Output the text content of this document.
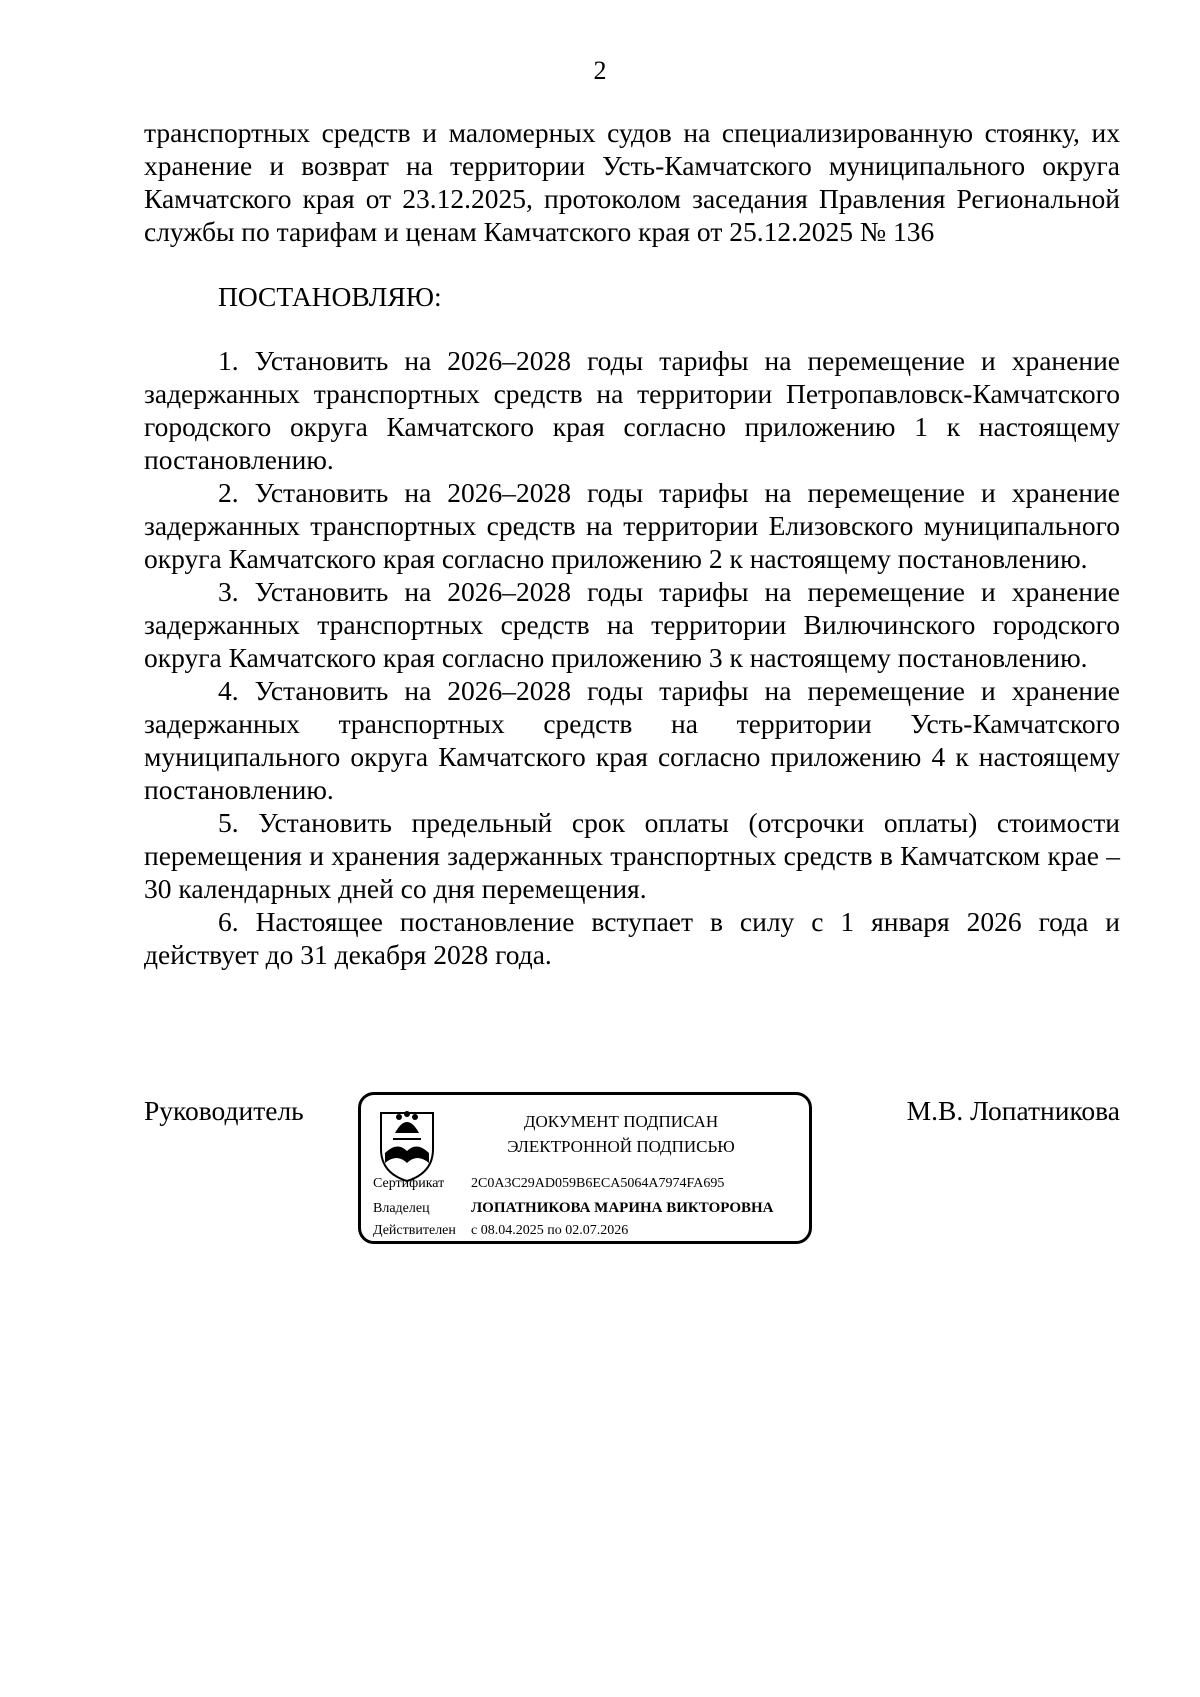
2

транспортных средств и маломерных судов на специализированную стоянку, их хранение и возврат на территории Усть-Камчатского муниципального округа Камчатского края от 23.12.2025, протоколом заседания Правления Региональной службы по тарифам и ценам Камчатского края от 25.12.2025 № 136

ПОСТАНОВЛЯЮ:

1. Установить на 2026–2028 годы тарифы на перемещение и хранение задержанных транспортных средств на территории Петропавловск-Камчатского городского округа Камчатского края согласно приложению 1 к настоящему постановлению.

2. Установить на 2026–2028 годы тарифы на перемещение и хранение задержанных транспортных средств на территории Елизовского муниципального округа Камчатского края согласно приложению 2 к настоящему постановлению.

3. Установить на 2026–2028 годы тарифы на перемещение и хранение задержанных транспортных средств на территории Вилючинского городского округа Камчатского края согласно приложению 3 к настоящему постановлению.

4. Установить на 2026–2028 годы тарифы на перемещение и хранение задержанных транспортных средств на территории Усть-Камчатского муниципального округа Камчатского края согласно приложению 4 к настоящему постановлению.

5. Установить предельный срок оплаты (отсрочки оплаты) стоимости перемещения и хранения задержанных транспортных средств в Камчатском крае – 30 календарных дней со дня перемещения.

6. Настоящее постановление вступает в силу с 1 января 2026 года и действует до 31 декабря 2028 года.

Руководитель	ДОКУМЕНТ ПОДПИСАН
ЭЛЕКТРОННОЙ ПОДПИСЬЮ
Сертификат 2C0A3C29AD059B6ECA5064A7974FA695
Владелец	ЛОПАТНИКОВА МАРИНА ВИКТОРОВНА
Действителен с 08.04.2025 по 02.07.2026
М.В. Лопатникова
